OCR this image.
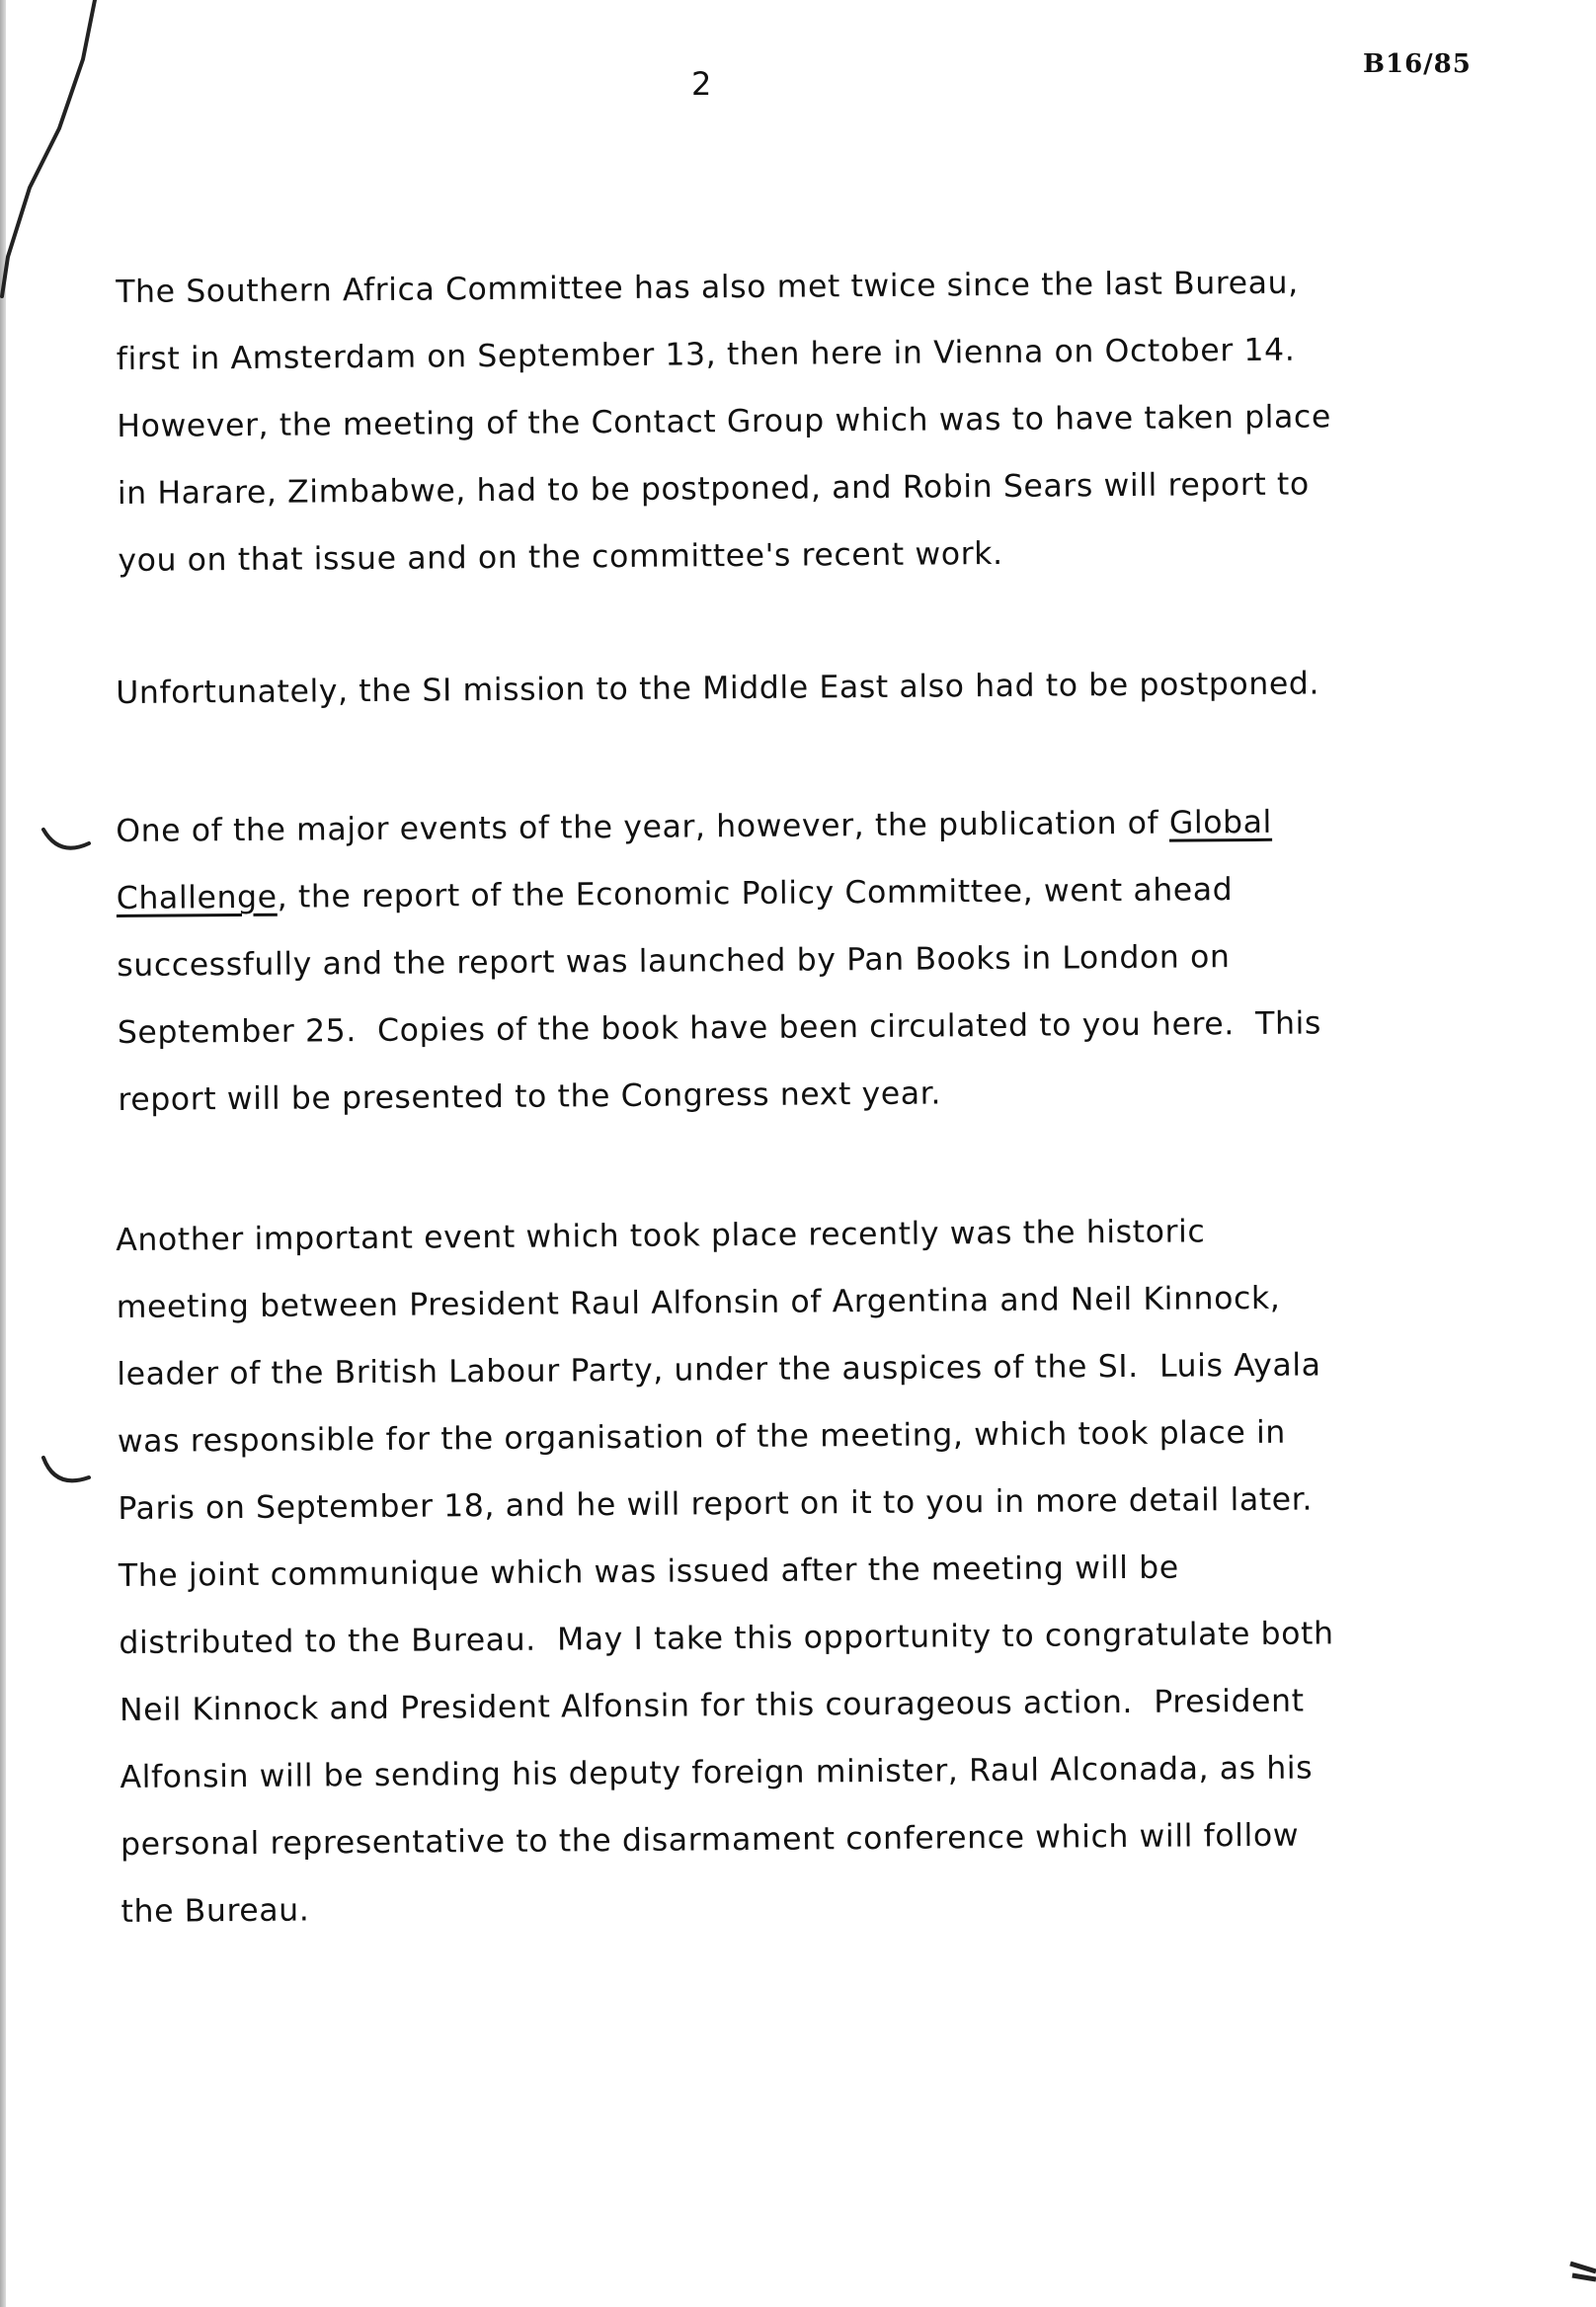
2
B16/85
The Southern Africa Committee has also met twice since the last Bureau,
first in Amsterdam on September 13, then here in Vienna on October 14.
However, the meeting of the Contact Group which was to have taken place
in Harare, Zimbabwe, had to be postponed, and Robin Sears will report to
you on that issue and on the committee's recent work.
Unfortunately, the SI mission to the Middle East also had to be postponed.
One of the major events of the year, however, the publication of Global
Challenge, the report of the Economic Policy Committee, went ahead
successfully and the report was launched by Pan Books in London on
September 25.  Copies of the book have been circulated to you here.  This
report will be presented to the Congress next year.
Another important event which took place recently was the historic
meeting between President Raul Alfonsin of Argentina and Neil Kinnock,
leader of the British Labour Party, under the auspices of the SI.  Luis Ayala
was responsible for the organisation of the meeting, which took place in
Paris on September 18, and he will report on it to you in more detail later.
The joint communique which was issued after the meeting will be
distributed to the Bureau.  May I take this opportunity to congratulate both
Neil Kinnock and President Alfonsin for this courageous action.  President
Alfonsin will be sending his deputy foreign minister, Raul Alconada, as his
personal representative to the disarmament conference which will follow
the Bureau.
